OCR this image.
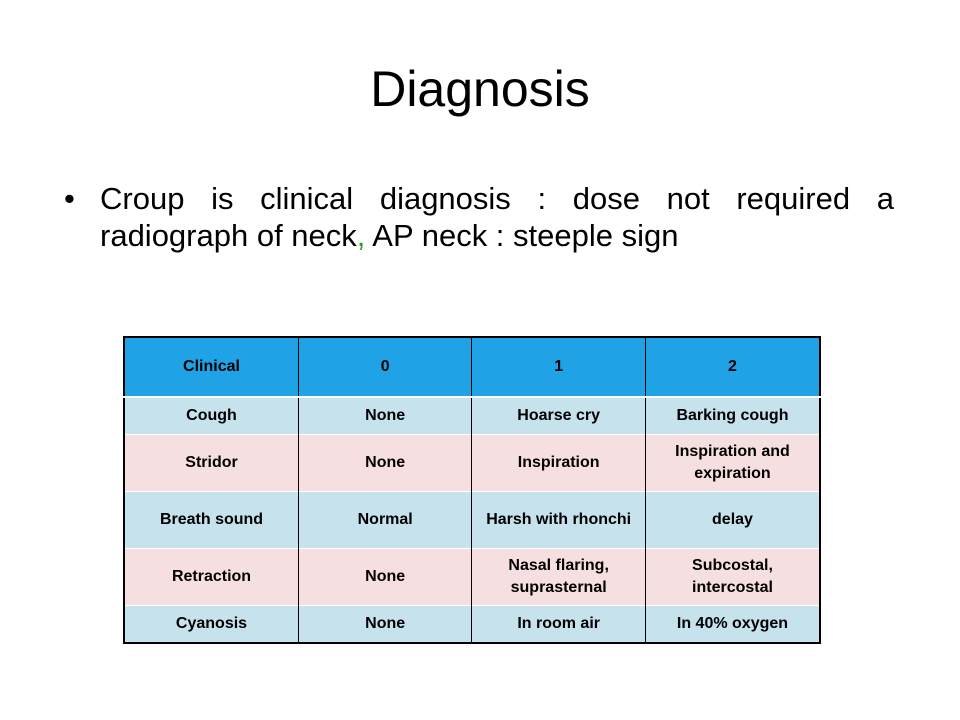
Diagnosis
• Croup is clinical diagnosis : dose not required a radiograph of neck, AP neck : steeple sign
Clinical	0	1	2
Cough	None	Hoarse cry	Barking cough
Stridor	None	Inspiration	Inspiration and expiration
Breath sound	Normal	Harsh with rhonchi	delay
Retraction	None	Nasal flaring, suprasternal	Subcostal, intercostal
Cyanosis	None	In room air	In 40% oxygen
